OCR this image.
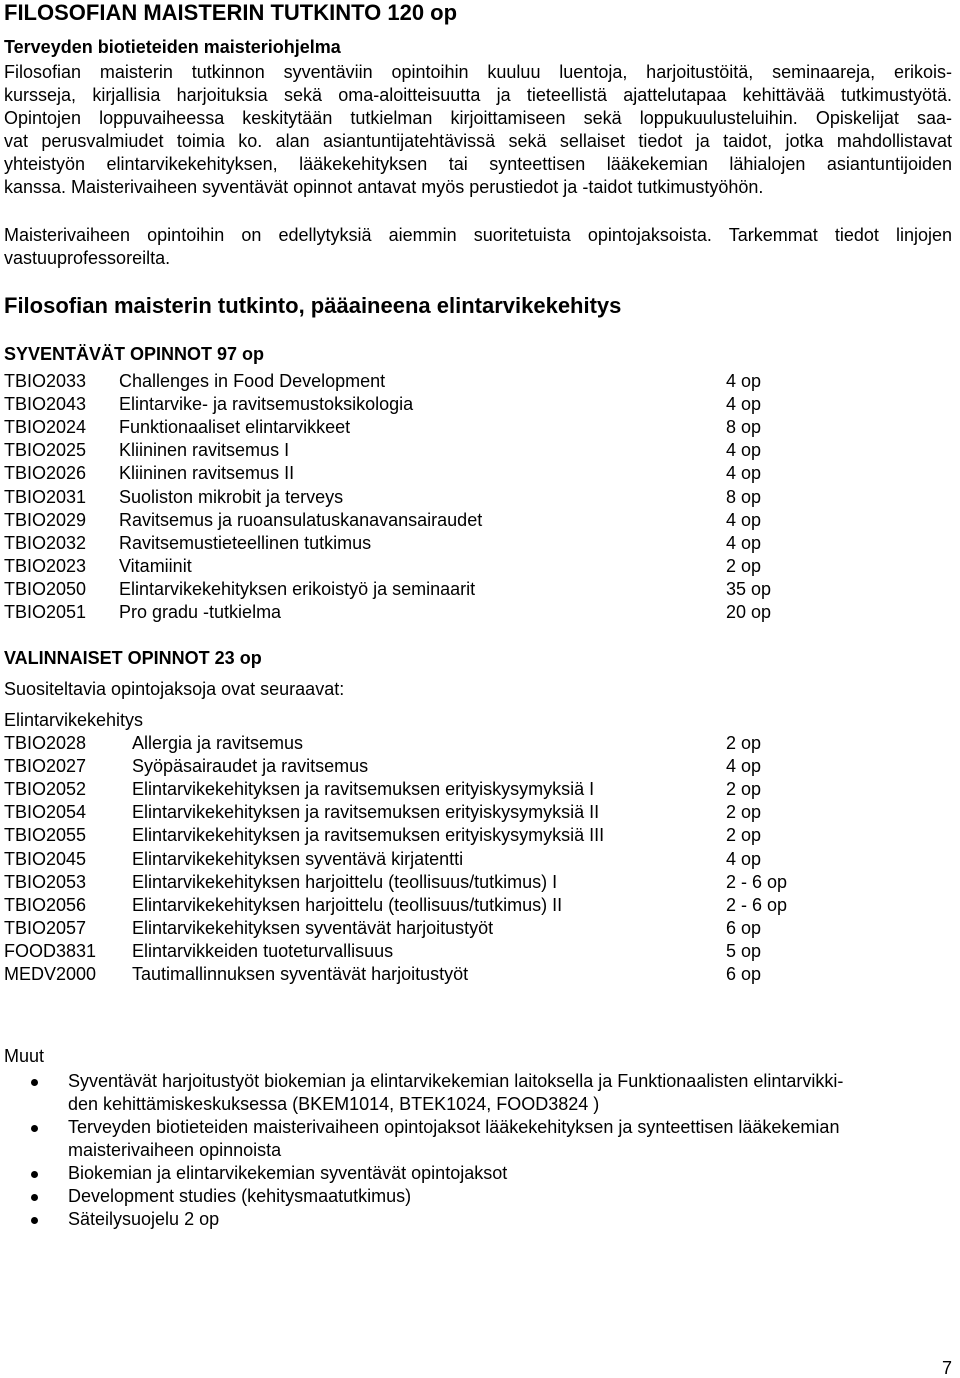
FILOSOFIAN MAISTERIN TUTKINTO 120 op
Terveyden biotieteiden maisteriohjelma
Filosofian maisterin tutkinnon syventäviin opintoihin kuuluu luentoja, harjoitustöitä, seminaareja, erikois-
kursseja, kirjallisia harjoituksia sekä oma-aloitteisuutta ja tieteellistä ajattelutapaa kehittävää tutkimustyötä.
Opintojen loppuvaiheessa keskitytään tutkielman kirjoittamiseen sekä loppukuulusteluihin. Opiskelijat saa-
vat perusvalmiudet toimia ko. alan asiantuntijatehtävissä sekä sellaiset tiedot ja taidot, jotka mahdollistavat
yhteistyön elintarvikekehityksen, lääkekehityksen tai synteettisen lääkekemian lähialojen asiantuntijoiden
kanssa. Maisterivaiheen syventävät opinnot antavat myös perustiedot ja -taidot tutkimustyöhön.
Maisterivaiheen opintoihin on edellytyksiä aiemmin suoritetuista opintojaksoista. Tarkemmat tiedot linjojen
vastuuprofessoreilta.
Filosofian maisterin tutkinto, pääaineena elintarvikekehitys
SYVENTÄVÄT OPINNOT 97 op
TBIO2033 Challenges in Food Development	4 op
TBIO2043 Elintarvike- ja ravitsemustoksikologia	4 op
TBIO2024 Funktionaaliset elintarvikkeet	8 op
TBIO2025 Kliininen ravitsemus I	4 op
TBIO2026 Kliininen ravitsemus II	4 op
TBIO2031 Suoliston mikrobit ja terveys	8 op
TBIO2029 Ravitsemus ja ruoansulatuskanavansairaudet	4 op
TBIO2032 Ravitsemustieteellinen tutkimus	4 op
TBIO2023 Vitamiinit	2 op
TBIO2050 Elintarvikekehityksen erikoistyö ja seminaarit	35 op
TBIO2051 Pro gradu -tutkielma	20 op
VALINNAISET OPINNOT 23 op
Suositeltavia opintojaksoja ovat seuraavat:
Elintarvikekehitys
TBIO2028	Allergia ja ravitsemus	2 op
TBIO2027	Syöpäsairaudet ja ravitsemus	4 op
TBIO2052	Elintarvikekehityksen ja ravitsemuksen erityiskysymyksiä I	2 op
TBIO2054	Elintarvikekehityksen ja ravitsemuksen erityiskysymyksiä II	2 op
TBIO2055	Elintarvikekehityksen ja ravitsemuksen erityiskysymyksiä III	2 op
TBIO2045	Elintarvikekehityksen syventävä kirjatentti	4 op
TBIO2053	Elintarvikekehityksen harjoittelu (teollisuus/tutkimus) I	2 - 6 op
TBIO2056	Elintarvikekehityksen harjoittelu (teollisuus/tutkimus) II	2 - 6 op
TBIO2057	Elintarvikekehityksen syventävät harjoitustyöt	6 op
FOOD3831 Elintarvikkeiden tuoteturvallisuus	5 op
MEDV2000 Tautimallinnuksen syventävät harjoitustyöt	6 op
Muut
Syventävät harjoitustyöt biokemian ja elintarvikekemian laitoksella ja Funktionaalisten elintarvikki-
den kehittämiskeskuksessa (BKEM1014, BTEK1024, FOOD3824 )
Terveyden biotieteiden maisterivaiheen opintojaksot lääkekehityksen ja synteettisen lääkekemian
maisterivaiheen opinnoista
Biokemian ja elintarvikekemian syventävät opintojaksot
Development studies (kehitysmaatutkimus)
Säteilysuojelu 2 op
7
